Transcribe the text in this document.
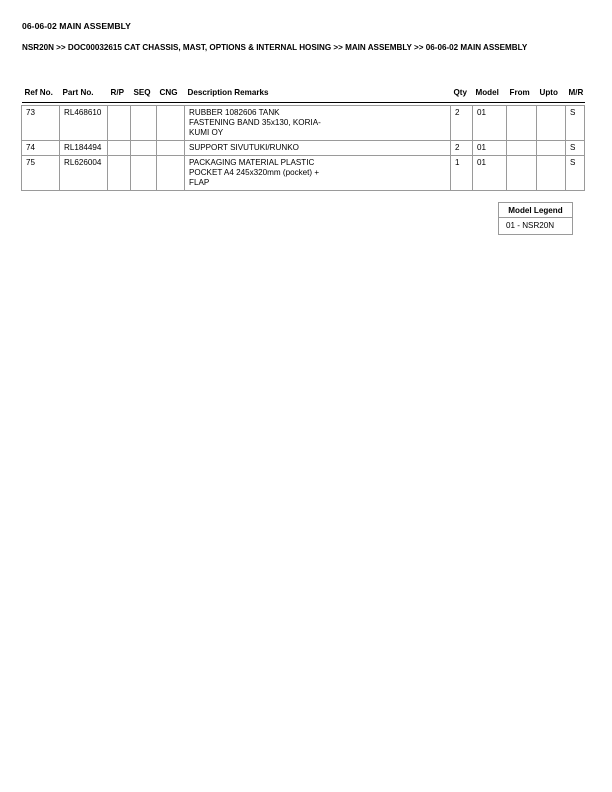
06-06-02 MAIN ASSEMBLY
NSR20N >> DOC00032615 CAT CHASSIS, MAST, OPTIONS & INTERNAL HOSING >> MAIN ASSEMBLY >> 06-06-02 MAIN ASSEMBLY
Ref No.	Part No.	R/P	SEQ	CNG	Description Remarks	Qty	Model	From	Upto	M/R

73	RL468610				RUBBER 1082606 TANK
FASTENING BAND 35x130, KORIA-
KUMI OY	2	01			S
74	RL184494				SUPPORT SIVUTUKI/RUNKO	2	01			S
75	RL626004				PACKAGING MATERIAL PLASTIC
POCKET A4 245x320mm (pocket) +
FLAP	1	01			S
Model Legend
01 - NSR20N
